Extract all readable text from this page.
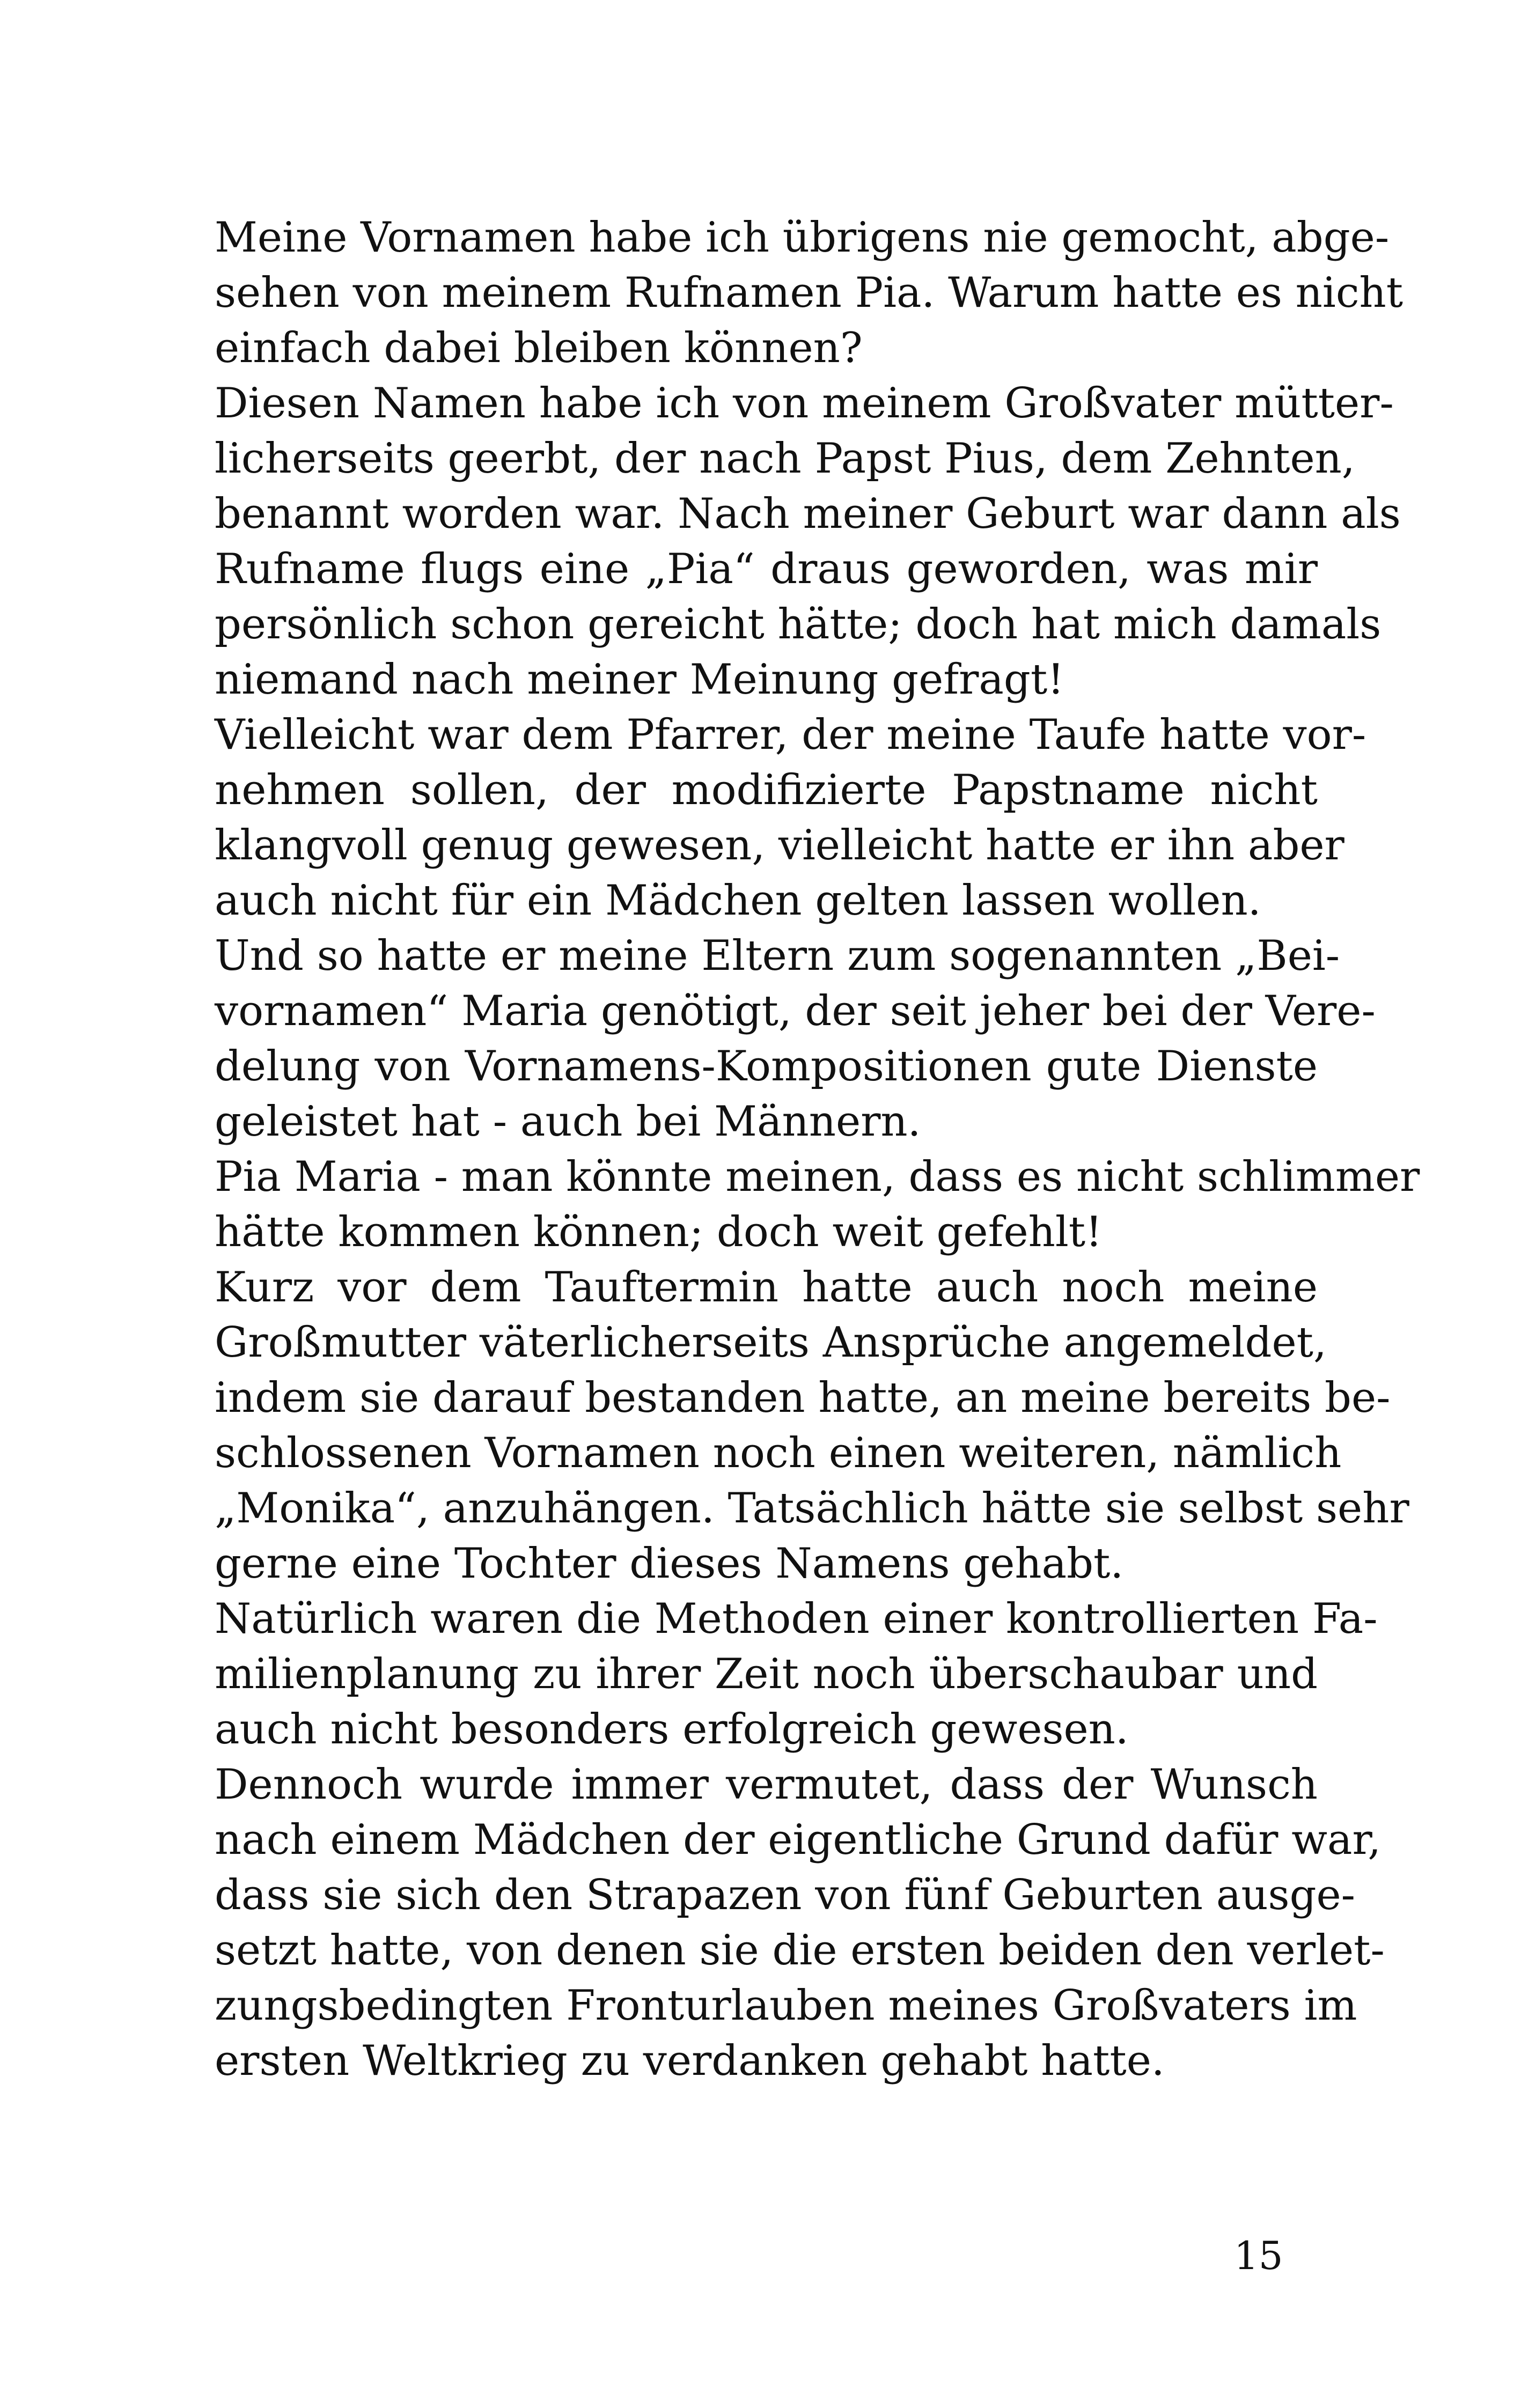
Meine Vornamen habe ich übrigens nie gemocht, abge-
sehen von meinem Rufnamen Pia. Warum hatte es nicht
einfach dabei bleiben können?
Diesen Namen habe ich von meinem Großvater mütter-
licherseits geerbt, der nach Papst Pius, dem Zehnten,
benannt worden war. Nach meiner Geburt war dann als
Rufname flugs eine „Pia“ draus geworden, was mir
persönlich schon gereicht hätte; doch hat mich damals
niemand nach meiner Meinung gefragt!
Vielleicht war dem Pfarrer, der meine Taufe hatte vor-
nehmen sollen, der modifizierte Papstname nicht
klangvoll genug gewesen, vielleicht hatte er ihn aber
auch nicht für ein Mädchen gelten lassen wollen.
Und so hatte er meine Eltern zum sogenannten „Bei-
vornamen“ Maria genötigt, der seit jeher bei der Vere-
delung von Vornamens-Kompositionen gute Dienste
geleistet hat - auch bei Männern.
Pia Maria - man könnte meinen, dass es nicht schlimmer
hätte kommen können; doch weit gefehlt!
Kurz vor dem Tauftermin hatte auch noch meine
Großmutter väterlicherseits Ansprüche angemeldet,
indem sie darauf bestanden hatte, an meine bereits be-
schlossenen Vornamen noch einen weiteren, nämlich
„Monika“, anzuhängen. Tatsächlich hätte sie selbst sehr
gerne eine Tochter dieses Namens gehabt.
Natürlich waren die Methoden einer kontrollierten Fa-
milienplanung zu ihrer Zeit noch überschaubar und
auch nicht besonders erfolgreich gewesen.
Dennoch wurde immer vermutet, dass der Wunsch
nach einem Mädchen der eigentliche Grund dafür war,
dass sie sich den Strapazen von fünf Geburten ausge-
setzt hatte, von denen sie die ersten beiden den verlet-
zungsbedingten Fronturlauben meines Großvaters im
ersten Weltkrieg zu verdanken gehabt hatte.
15
